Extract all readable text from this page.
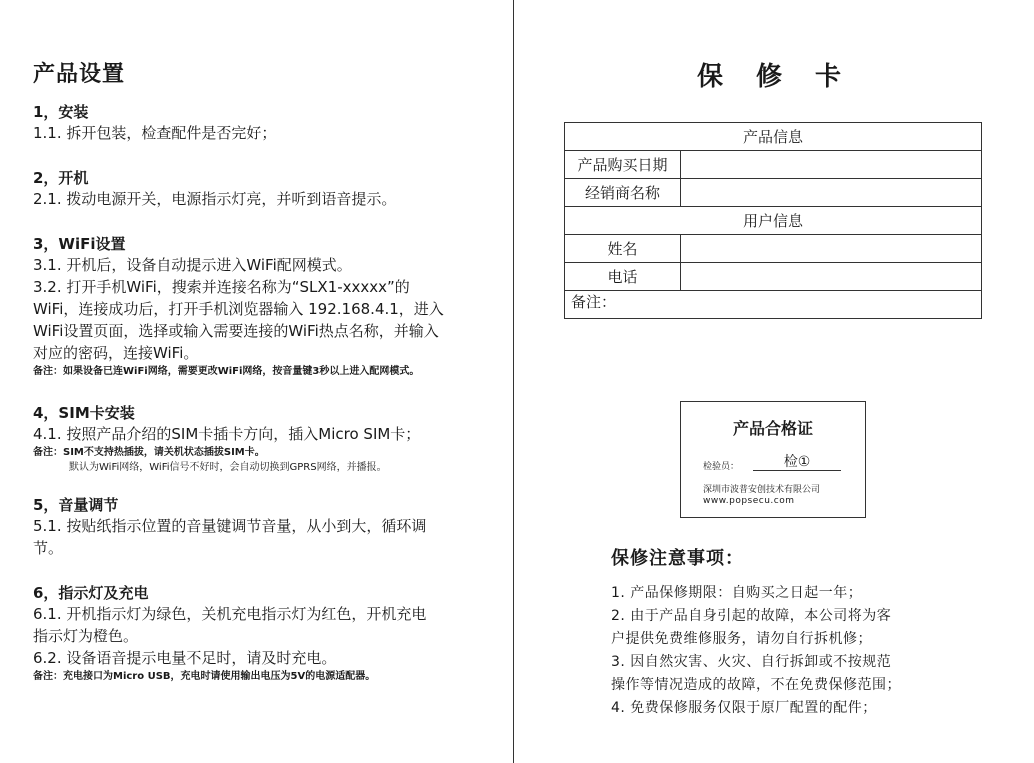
产品设置
1，安装
1.1. 拆开包装，检查配件是否完好；
2，开机
2.1. 拨动电源开关，电源指示灯亮，并听到语音提示。
3，WiFi设置
3.1. 开机后，设备自动提示进入WiFi配网模式。
3.2. 打开手机WiFi，搜索并连接名称为“SLX1-xxxxx”的
WiFi，连接成功后，打开手机浏览器输入 192.168.4.1，进入
WiFi设置页面，选择或输入需要连接的WiFi热点名称，并输入
对应的密码，连接WiFi。
备注：如果设备已连WiFi网络，需要更改WiFi网络，按音量键3秒以上进入配网模式。
4，SIM卡安装
4.1. 按照产品介绍的SIM卡插卡方向，插入Micro SIM卡；
备注：SIM不支持热插拔，请关机状态插拔SIM卡。
默认为WiFi网络，WiFi信号不好时，会自动切换到GPRS网络，并播报。
5，音量调节
5.1. 按贴纸指示位置的音量键调节音量，从小到大，循环调
节。
6，指示灯及充电
6.1. 开机指示灯为绿色，关机充电指示灯为红色，开机充电
指示灯为橙色。
6.2. 设备语音提示电量不足时，请及时充电。
备注：充电接口为Micro USB，充电时请使用输出电压为5V的电源适配器。
保 修 卡
产品信息	
产品购买日期	
经销商名称	
用户信息	
姓名	
电话	
备注：	
产品合格证
检验员：	检①
深圳市波普安创技术有限公司
www.popsecu.com
保修注意事项：
1. 产品保修期限：自购买之日起一年；
2. 由于产品自身引起的故障，本公司将为客
户提供免费维修服务，请勿自行拆机修；
3. 因自然灾害、火灾、自行拆卸或不按规范
操作等情况造成的故障，不在免费保修范围；
4. 免费保修服务仅限于原厂配置的配件；
